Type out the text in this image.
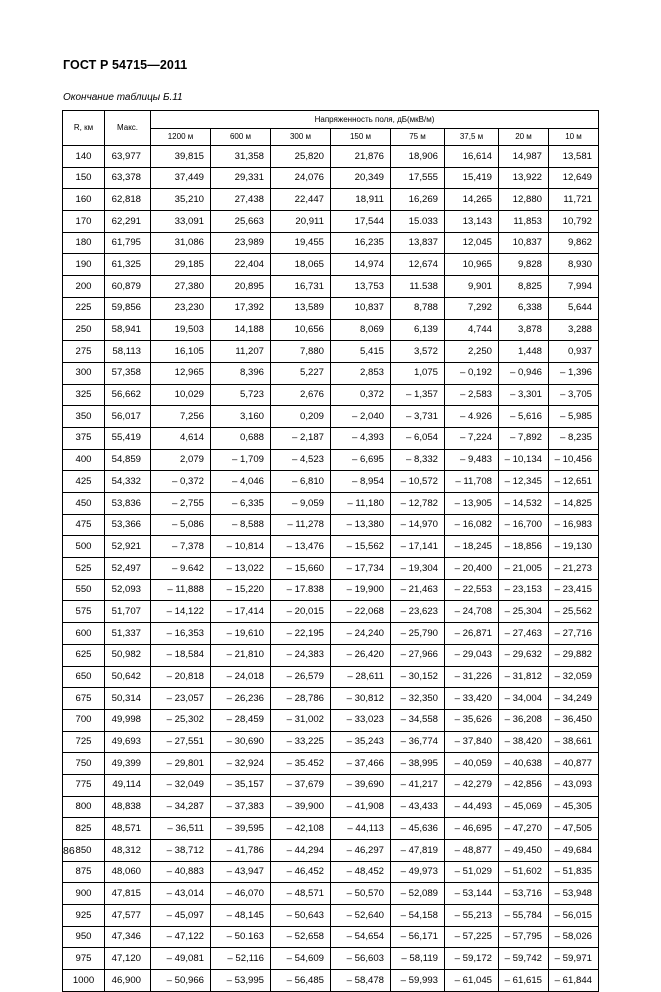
ГОСТ Р 54715—2011
Окончание таблицы Б.11
R, км	Макс.	Напряженность поля, дБ(мкВ/м)							
		1200 м	600 м	300 м	150 м	75 м	37,5 м	20 м	10 м
140	63,977	39,815	31,358	25,820	21,876	18,906	16,614	14,987	13,581
150	63,378	37,449	29,331	24,076	20,349	17,555	15,419	13,922	12,649
160	62,818	35,210	27,438	22,447	18,911	16,269	14,265	12,880	11,721
170	62,291	33,091	25,663	20,911	17,544	15.033	13,143	11,853	10,792
180	61,795	31,086	23,989	19,455	16,235	13,837	12,045	10,837	9,862
190	61,325	29,185	22,404	18,065	14,974	12,674	10,965	9,828	8,930
200	60,879	27,380	20,895	16,731	13,753	11.538	9,901	8,825	7,994
225	59,856	23,230	17,392	13,589	10,837	8,788	7,292	6,338	5,644
250	58,941	19,503	14,188	10,656	8,069	6,139	4,744	3,878	3,288
275	58,113	16,105	11,207	7,880	5,415	3,572	2,250	1,448	0,937
300	57,358	12,965	8,396	5,227	2,853	1,075	– 0,192	– 0,946	– 1,396
325	56,662	10,029	5,723	2,676	0,372	– 1,357	– 2,583	– 3,301	– 3,705
350	56,017	7,256	3,160	0,209	– 2,040	– 3,731	– 4.926	– 5,616	– 5,985
375	55,419	4,614	0,688	– 2,187	– 4,393	– 6,054	– 7,224	– 7,892	– 8,235
400	54,859	2,079	– 1,709	– 4,523	– 6,695	– 8,332	– 9,483	– 10,134	– 10,456
425	54,332	– 0,372	– 4,046	– 6,810	– 8,954	– 10,572	– 11,708	– 12,345	– 12,651
450	53,836	– 2,755	– 6,335	– 9,059	– 11,180	– 12,782	– 13,905	– 14,532	– 14,825
475	53,366	– 5,086	– 8,588	– 11,278	– 13,380	– 14,970	– 16,082	– 16,700	– 16,983
500	52,921	– 7,378	– 10,814	– 13,476	– 15,562	– 17,141	– 18,245	– 18,856	– 19,130
525	52,497	– 9.642	– 13,022	– 15,660	– 17,734	– 19,304	– 20,400	– 21,005	– 21,273
550	52,093	– 11,888	– 15,220	– 17.838	– 19,900	– 21,463	– 22,553	– 23,153	– 23,415
575	51,707	– 14,122	– 17,414	– 20,015	– 22,068	– 23,623	– 24,708	– 25,304	– 25,562
600	51,337	– 16,353	– 19,610	– 22,195	– 24,240	– 25,790	– 26,871	– 27,463	– 27,716
625	50,982	– 18,584	– 21,810	– 24,383	– 26,420	– 27,966	– 29,043	– 29,632	– 29,882
650	50,642	– 20,818	– 24,018	– 26,579	– 28,611	– 30,152	– 31,226	– 31,812	– 32,059
675	50,314	– 23,057	– 26,236	– 28,786	– 30,812	– 32,350	– 33,420	– 34,004	– 34,249
700	49,998	– 25,302	– 28,459	– 31,002	– 33,023	– 34,558	– 35,626	– 36,208	– 36,450
725	49,693	– 27,551	– 30,690	– 33,225	– 35,243	– 36,774	– 37,840	– 38,420	– 38,661
750	49,399	– 29,801	– 32,924	– 35.452	– 37,466	– 38,995	– 40,059	– 40,638	– 40,877
775	49,114	– 32,049	– 35,157	– 37,679	– 39,690	– 41,217	– 42,279	– 42,856	– 43,093
800	48,838	– 34,287	– 37,383	– 39,900	– 41,908	– 43,433	– 44,493	– 45,069	– 45,305
825	48,571	– 36,511	– 39,595	– 42,108	– 44,113	– 45,636	– 46,695	– 47,270	– 47,505
850	48,312	– 38,712	– 41,786	– 44,294	– 46,297	– 47,819	– 48,877	– 49,450	– 49,684
875	48,060	– 40,883	– 43,947	– 46,452	– 48,452	– 49,973	– 51,029	– 51,602	– 51,835
900	47,815	– 43,014	– 46,070	– 48,571	– 50,570	– 52,089	– 53,144	– 53,716	– 53,948
925	47,577	– 45,097	– 48,145	– 50,643	– 52,640	– 54,158	– 55,213	– 55,784	– 56,015
950	47,346	– 47,122	– 50.163	– 52,658	– 54,654	– 56,171	– 57,225	– 57,795	– 58,026
975	47,120	– 49,081	– 52,116	– 54,609	– 56,603	– 58,119	– 59,172	– 59,742	– 59,971
1000	46,900	– 50,966	– 53,995	– 56,485	– 58,478	– 59,993	– 61,045	– 61,615	– 61,844
86
